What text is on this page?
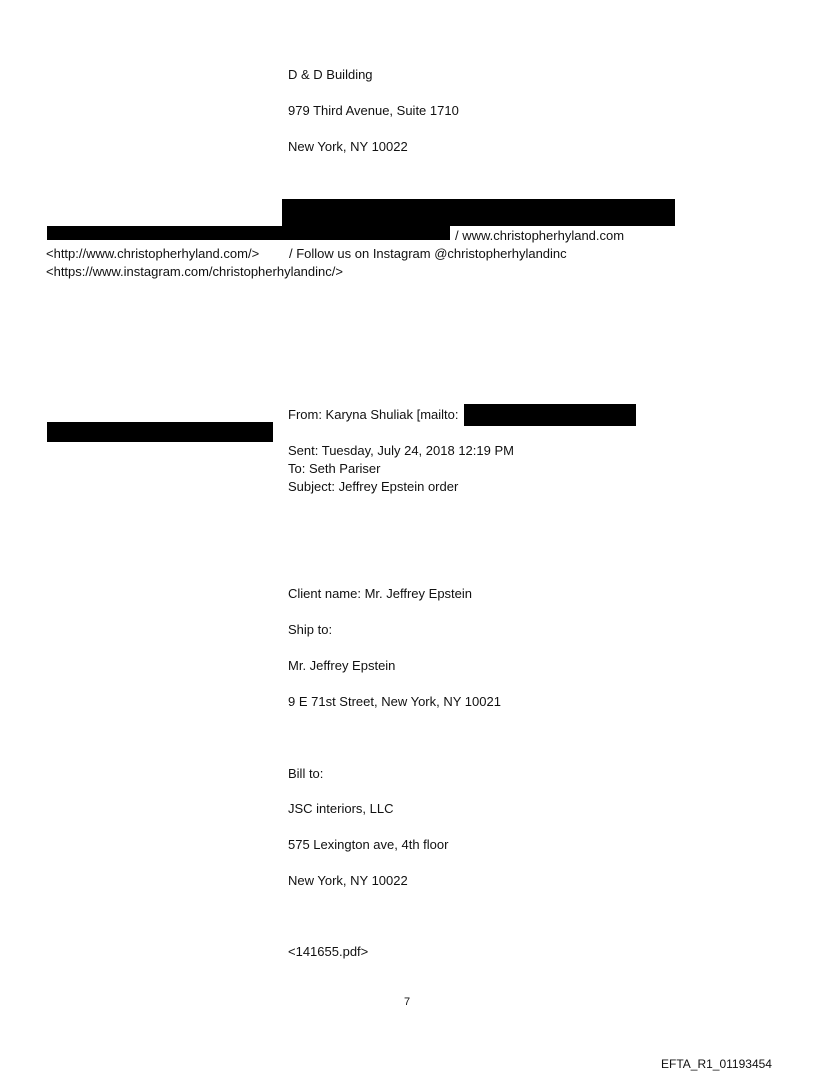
D & D Building
979 Third Avenue, Suite 1710
New York, NY 10022
/ www.christopherhyland.com
<http://www.christopherhyland.com/> / Follow us on Instagram @christopherhylandinc
<https://www.instagram.com/christopherhylandinc/>
From: Karyna Shuliak [mailto:
Sent: Tuesday, July 24, 2018 12:19 PM
To: Seth Pariser
Subject: Jeffrey Epstein order
Client name: Mr. Jeffrey Epstein
Ship to:
Mr. Jeffrey Epstein
9 E 71st Street, New York, NY 10021
Bill to:
JSC interiors, LLC
575 Lexington ave, 4th floor
New York, NY 10022
<141655.pdf>
7
EFTA_R1_01193454
